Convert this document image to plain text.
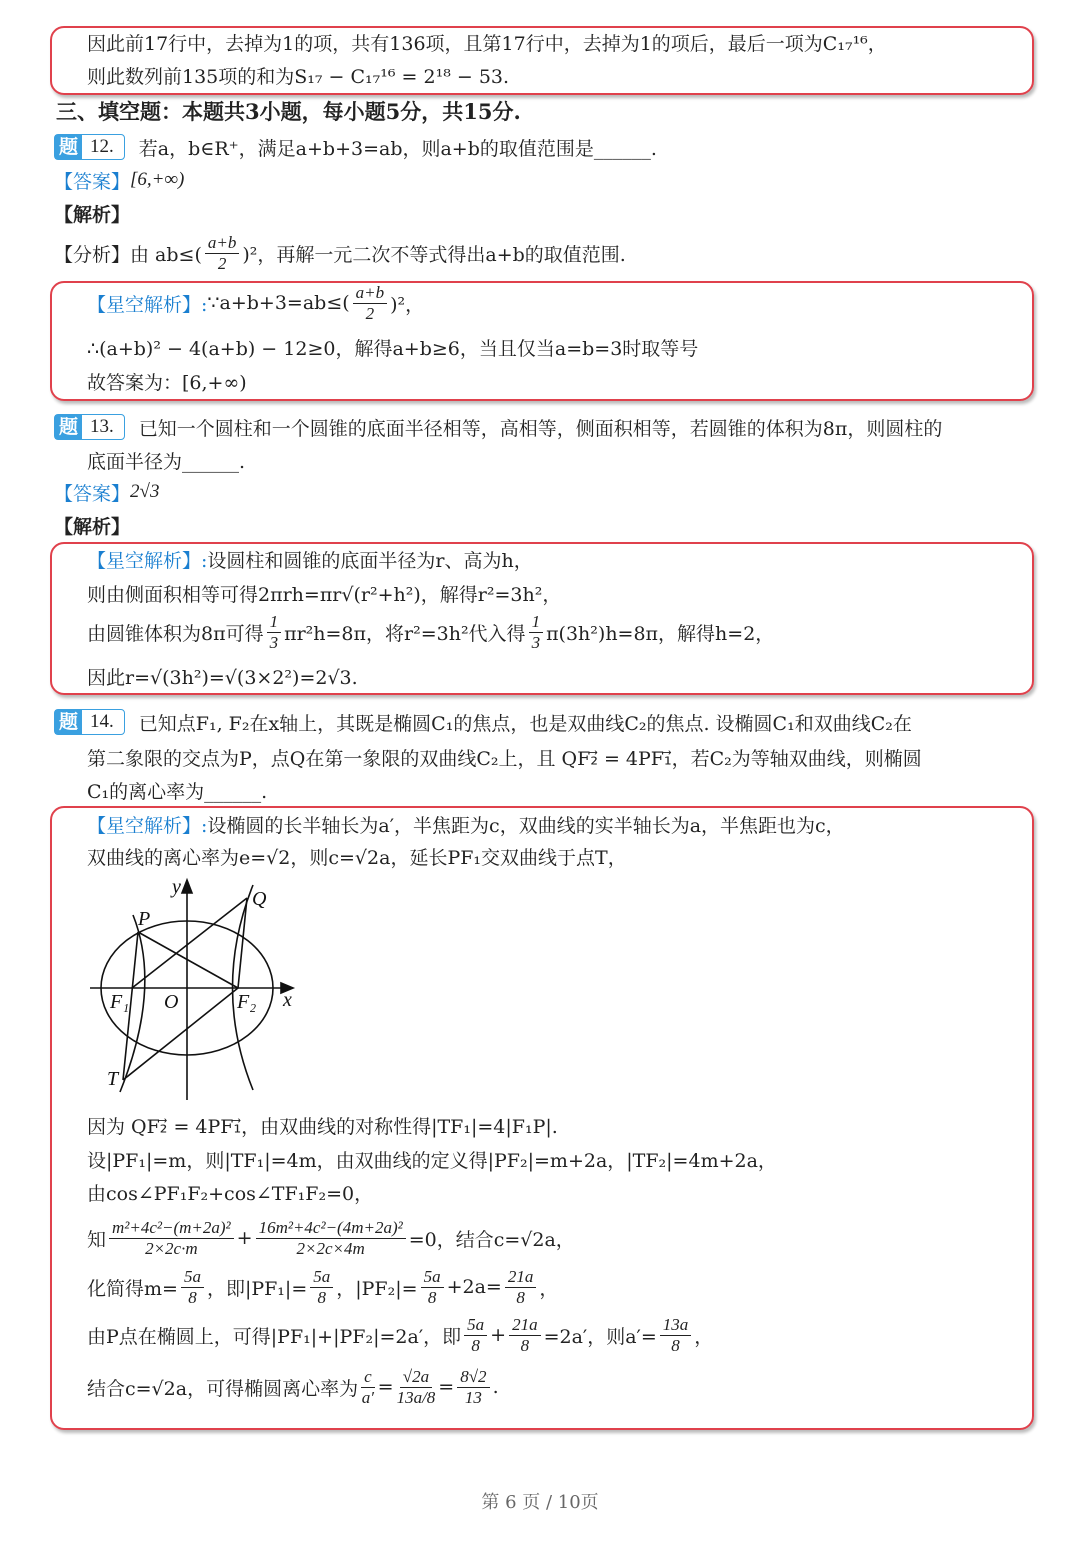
因此前17行中，去掉为1的项，共有136项，且第17行中，去掉为1的项后，最后一项为C₁₇¹⁶，
则此数列前135项的和为S₁₇ − C₁₇¹⁶ = 2¹⁸ − 53.
三、填空题：本题共3小题，每小题5分，共15分.
题 12.	若a，b∈R⁺，满足a+b+3=ab，则a+b的取值范围是______.
【答案】 [6,+∞)
【解析】
【分析】由 $ab\le( \frac{a+b}{2} )^2$，再解一元二次不等式得出a+b的取值范围.
【星空解析】: ∵a+b+3=ab≤( $\frac{a+b}{2} )^2$，
∴(a+b)² − 4(a+b) − 12≥0，解得a+b≥6，当且仅当a=b=3时取等号
故答案为：[6,+∞)
题 13.	已知一个圆柱和一个圆锥的底面半径相等，高相等，侧面积相等，若圆锥的体积为8π，则圆柱的
底面半径为______.
【答案】 2√3
【解析】
【星空解析】: 设圆柱和圆锥的底面半径为r、高为h，
则由侧面积相等可得2πrh=πr√(r²+h²)，解得r²=3h²，
由圆锥体积为8π可得 $\frac{1}{3} \pi r^2h=8\pi$，将r²=3h²代入得 $\frac{1}{3} \pi(3h^2)h=8\pi$，解得h=2，
因此r=√(3h²)=√(3×2²)=2√3.
题 14.	已知点F₁, F₂在x轴上，其既是椭圆C₁的焦点，也是双曲线C₂的焦点. 设椭圆C₁和双曲线C₂在
第二象限的交点为P，点Q在第一象限的双曲线C₂上，且 QF₂⃗ = 4PF₁⃗，若C₂为等轴双曲线，则椭圆
C₁的离心率为______.
【星空解析】: 设椭圆的长半轴长为a′，半焦距为c，双曲线的实半轴长为a，半焦距也为c，
双曲线的离心率为e=√2，则c=√2a，延长PF₁交双曲线于点T，
y
x
P
Q
F₁ O	F₂
T
因为 QF₂⃗ = 4PF₁⃗，由双曲线的对称性得|TF₁|=4|F₁P|.
设|PF₁|=m，则|TF₁|=4m，由双曲线的定义得|PF₂|=m+2a，|TF₂|=4m+2a，
由cos∠PF₁F₂+cos∠TF₁F₂=0，
知 $\frac{\text{m²+4c²−(m+2a)²}}{2\times 2c\cdot m} + \frac{\text{16m²+4c²−(4m+2a)²}}{2\times 2c\times 4m} =0$，结合c=√2a，
化简得$m= \frac{5a}{8}$ ，即$|PF_1|= \frac{5a}{8}$ ，$|PF_2|= \frac{5a}{8} +2a= \frac{21a}{8}$ ，
由P点在椭圆上，可得|PF₁|+|PF₂|=2a′，即 $\frac{5a}{8} + \frac{21a}{8} =2a'$，则$a'= \frac{13a}{8}$ ，
结合c=√2a，可得椭圆离心率为 $\frac{c}{a'} = \frac{√2a}{13a/8} = \frac{8√2}{13}$ .
第 6 页 / 10页
